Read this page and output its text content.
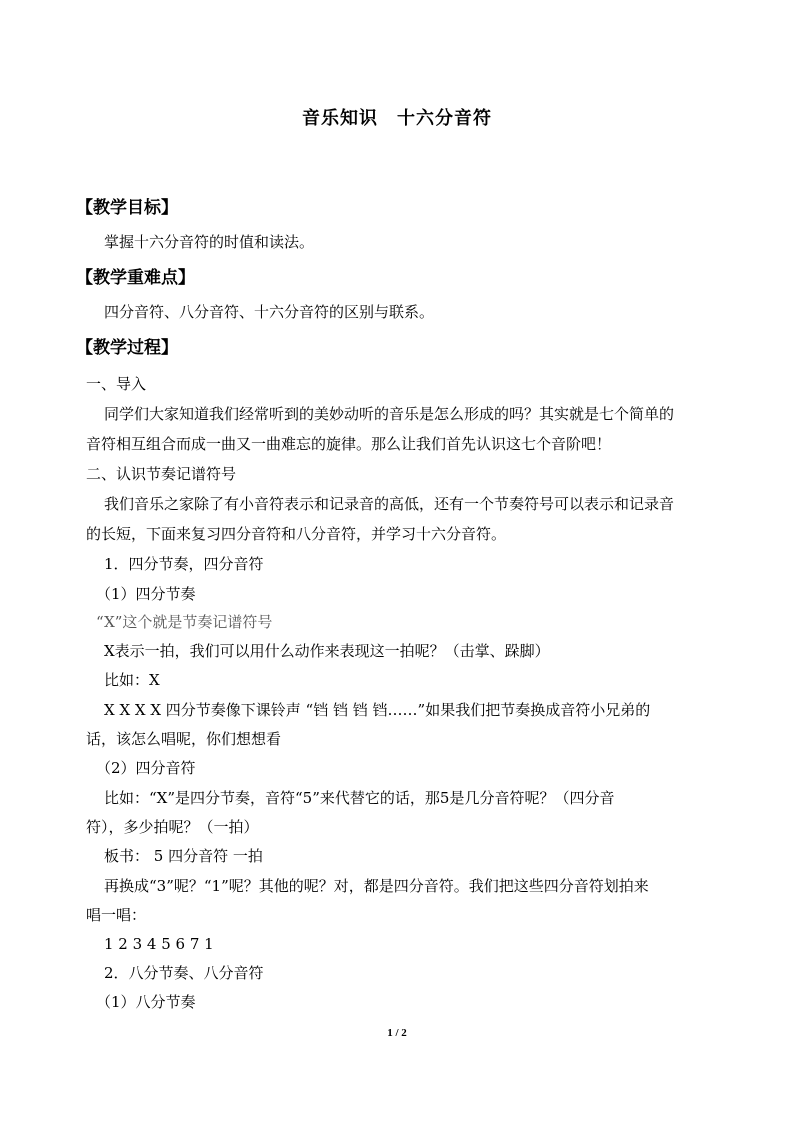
音乐知识　十六分音符
【教学目标】
掌握十六分音符的时值和读法。
【教学重难点】
四分音符、八分音符、十六分音符的区别与联系。
【教学过程】
一、导入
同学们大家知道我们经常听到的美妙动听的音乐是怎么形成的吗？其实就是七个简单的
音符相互组合而成一曲又一曲难忘的旋律。那么让我们首先认识这七个音阶吧！
二、认识节奏记谱符号
我们音乐之家除了有小音符表示和记录音的高低，还有一个节奏符号可以表示和记录音
的长短，下面来复习四分音符和八分音符，并学习十六分音符。
1．四分节奏，四分音符
（1）四分节奏
“X”这个就是节奏记谱符号
X表示一拍，我们可以用什么动作来表现这一拍呢？（击掌、跺脚）
比如：X
X X X X 四分节奏像下课铃声 “铛 铛 铛 铛……”如果我们把节奏换成音符小兄弟的
话，该怎么唱呢，你们想想看
（2）四分音符
比如：“X”是四分节奏，音符“5”来代替它的话，那5是几分音符呢？（四分音
符），多少拍呢？（一拍）
板书： 5 四分音符 一拍
再换成“3”呢？“1”呢？其他的呢？对，都是四分音符。我们把这些四分音符划拍来
唱一唱：
1 2 3 4 5 6 7 1
2．八分节奏、八分音符
（1）八分节奏
1 / 2
